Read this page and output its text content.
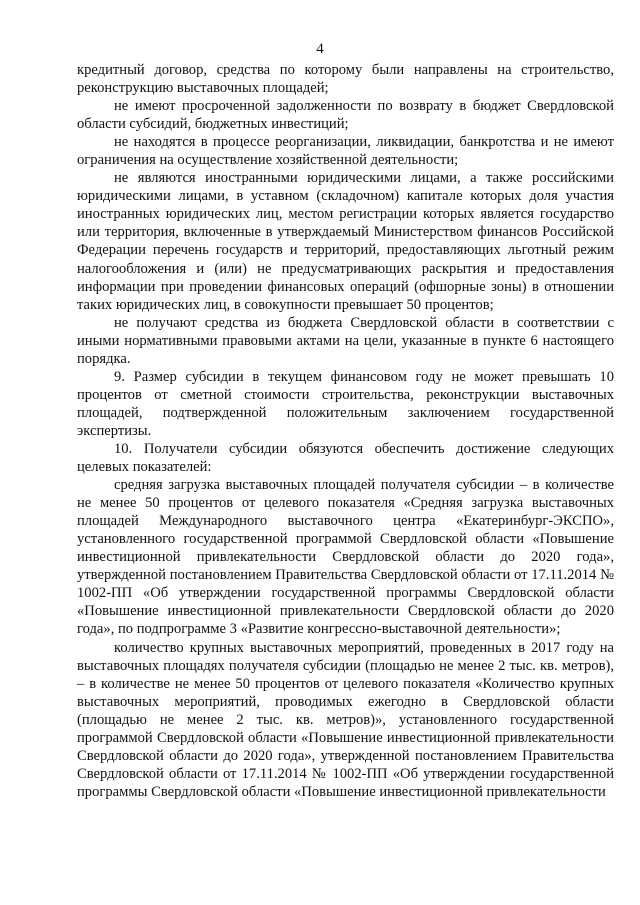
4

кредитный договор, средства по которому были направлены на строительство, реконструкцию выставочных площадей;

не имеют просроченной задолженности по возврату в бюджет Свердловской области субсидий, бюджетных инвестиций;

не находятся в процессе реорганизации, ликвидации, банкротства и не имеют ограничения на осуществление хозяйственной деятельности;

не являются иностранными юридическими лицами, а также российскими юридическими лицами, в уставном (складочном) капитале которых доля участия иностранных юридических лиц, местом регистрации которых является государство или территория, включенные в утверждаемый Министерством финансов Российской Федерации перечень государств и территорий, предоставляющих льготный режим налогообложения и (или) не предусматривающих раскрытия и предоставления информации при проведении финансовых операций (офшорные зоны) в отношении таких юридических лиц, в совокупности превышает 50 процентов;

не получают средства из бюджета Свердловской области в соответствии с иными нормативными правовыми актами на цели, указанные в пункте 6 настоящего порядка.

9. Размер субсидии в текущем финансовом году не может превышать 10 процентов от сметной стоимости строительства, реконструкции выставочных площадей, подтвержденной положительным заключением государственной экспертизы.

10. Получатели субсидии обязуются обеспечить достижение следующих целевых показателей:

средняя загрузка выставочных площадей получателя субсидии – в количестве не менее 50 процентов от целевого показателя «Средняя загрузка выставочных площадей Международного выставочного центра «Екатеринбург-ЭКСПО», установленного государственной программой Свердловской области «Повышение инвестиционной привлекательности Свердловской области до 2020 года», утвержденной постановлением Правительства Свердловской области от 17.11.2014 № 1002-ПП «Об утверждении государственной программы Свердловской области «Повышение инвестиционной привлекательности Свердловской области до 2020 года», по подпрограмме 3 «Развитие конгрессно-выставочной деятельности»;

количество крупных выставочных мероприятий, проведенных в 2017 году на выставочных площадях получателя субсидии (площадью не менее 2 тыс. кв. метров), – в количестве не менее 50 процентов от целевого показателя «Количество крупных выставочных мероприятий, проводимых ежегодно в Свердловской области (площадью не менее 2 тыс. кв. метров)», установленного государственной программой Свердловской области «Повышение инвестиционной привлекательности Свердловской области до 2020 года», утвержденной постановлением Правительства Свердловской области от 17.11.2014 № 1002-ПП «Об утверждении государственной программы Свердловской области «Повышение инвестиционной привлекательности
